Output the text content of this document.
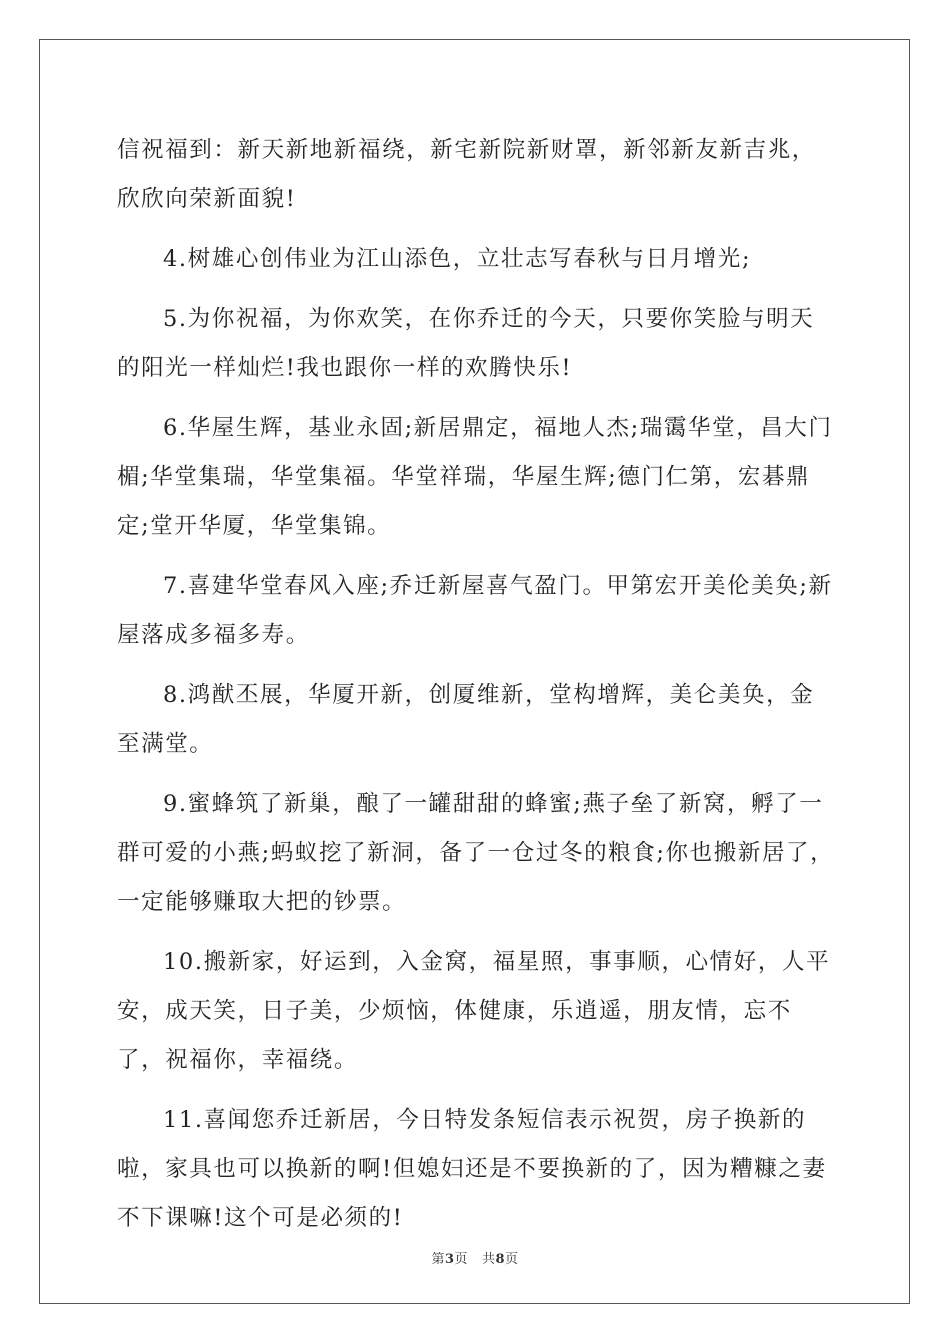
信祝福到：新天新地新福绕，新宅新院新财罩，新邻新友新吉兆，欣欣向荣新面貌!

4.树雄心创伟业为江山添色，立壮志写春秋与日月增光;

5.为你祝福，为你欢笑，在你乔迁的今天，只要你笑脸与明天的阳光一样灿烂!我也跟你一样的欢腾快乐!

6.华屋生辉，基业永固;新居鼎定，福地人杰;瑞霭华堂，昌大门楣;华堂集瑞，华堂集福。华堂祥瑞，华屋生辉;德门仁第，宏碁鼎定;堂开华厦，华堂集锦。

7.喜建华堂春风入座;乔迁新屋喜气盈门。甲第宏开美伦美奂;新屋落成多福多寿。

8.鸿猷丕展，华厦开新，创厦维新，堂构增辉，美仑美奂，金至满堂。

9.蜜蜂筑了新巢，酿了一罐甜甜的蜂蜜;燕子垒了新窝，孵了一群可爱的小燕;蚂蚁挖了新洞，备了一仓过冬的粮食;你也搬新居了，一定能够赚取大把的钞票。

10.搬新家，好运到，入金窝，福星照，事事顺，心情好，人平安，成天笑，日子美，少烦恼，体健康，乐逍遥，朋友情，忘不了，祝福你，幸福绕。

11.喜闻您乔迁新居，今日特发条短信表示祝贺，房子换新的啦，家具也可以换新的啊!但媳妇还是不要换新的了，因为糟糠之妻不下课嘛!这个可是必须的!

第3页 共8页
